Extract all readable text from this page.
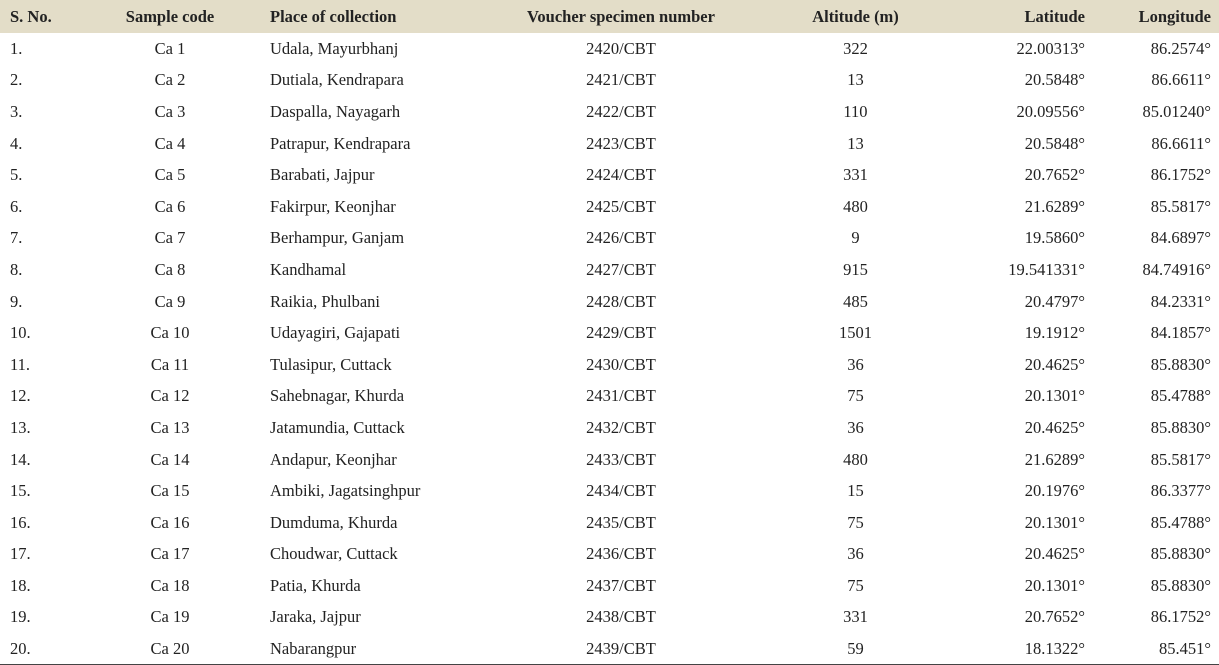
S. No.	Sample code	Place of collection	Voucher specimen number	Altitude (m)	Latitude	Longitude
1.	Ca 1	Udala, Mayurbhanj	2420/CBT	322	22.00313°	86.2574°
2.	Ca 2	Dutiala, Kendrapara	2421/CBT	13	20.5848°	86.6611°
3.	Ca 3	Daspalla, Nayagarh	2422/CBT	110	20.09556°	85.01240°
4.	Ca 4	Patrapur, Kendrapara	2423/CBT	13	20.5848°	86.6611°
5.	Ca 5	Barabati, Jajpur	2424/CBT	331	20.7652°	86.1752°
6.	Ca 6	Fakirpur, Keonjhar	2425/CBT	480	21.6289°	85.5817°
7.	Ca 7	Berhampur, Ganjam	2426/CBT	9	19.5860°	84.6897°
8.	Ca 8	Kandhamal	2427/CBT	915	19.541331°	84.74916°
9.	Ca 9	Raikia, Phulbani	2428/CBT	485	20.4797°	84.2331°
10.	Ca 10	Udayagiri, Gajapati	2429/CBT	1501	19.1912°	84.1857°
11.	Ca 11	Tulasipur, Cuttack	2430/CBT	36	20.4625°	85.8830°
12.	Ca 12	Sahebnagar, Khurda	2431/CBT	75	20.1301°	85.4788°
13.	Ca 13	Jatamundia, Cuttack	2432/CBT	36	20.4625°	85.8830°
14.	Ca 14	Andapur, Keonjhar	2433/CBT	480	21.6289°	85.5817°
15.	Ca 15	Ambiki, Jagatsinghpur	2434/CBT	15	20.1976°	86.3377°
16.	Ca 16	Dumduma, Khurda	2435/CBT	75	20.1301°	85.4788°
17.	Ca 17	Choudwar, Cuttack	2436/CBT	36	20.4625°	85.8830°
18.	Ca 18	Patia, Khurda	2437/CBT	75	20.1301°	85.8830°
19.	Ca 19	Jaraka, Jajpur	2438/CBT	331	20.7652°	86.1752°
20.	Ca 20	Nabarangpur	2439/CBT	59	18.1322°	85.451°
